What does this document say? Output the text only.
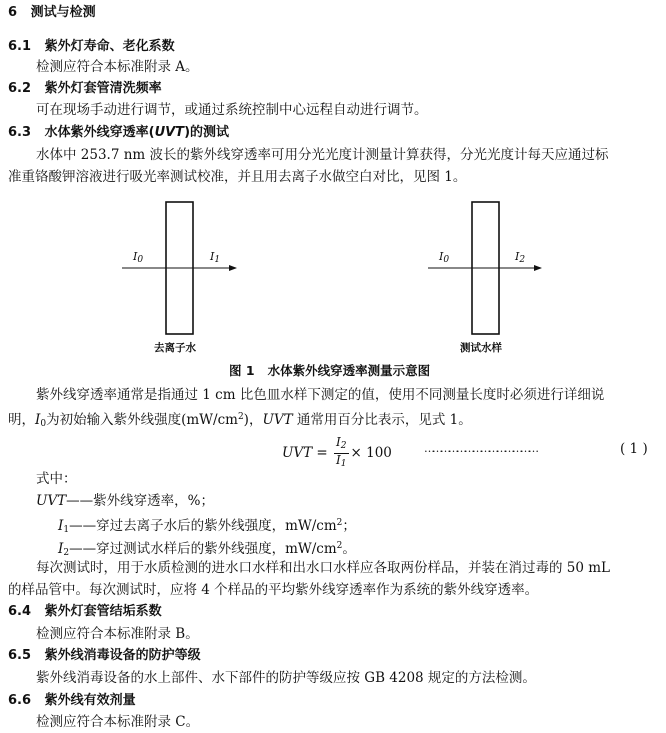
6 测试与检测
6.1 紫外灯寿命、老化系数
检测应符合本标准附录 A。
6.2 紫外灯套管清洗频率
可在现场手动进行调节，或通过系统控制中心远程自动进行调节。
6.3 水体紫外线穿透率(UVT)的测试
水体中 253.7 nm 波长的紫外线穿透率可用分光光度计测量计算获得，分光光度计每天应通过标
准重铬酸钾溶液进行吸光率测试校准，并且用去离子水做空白对比，见图 1。
$I_0$	$I_1$	$I_0$	$I_2$
去离子水	测试水样
图 1 水体紫外线穿透率测量示意图
紫外线穿透率通常是指通过 1 cm 比色皿水样下测定的值，使用不同测量长度时必须进行详细说
明，$I_0$为初始输入紫外线强度$(mW/cm^2)$，UVT 通常用百分比表示，见式 1。
UVT = $\frac{I_2}{I_1} \times 100$	……………………………………	( 1 )
式中：
UVT——紫外线穿透率，%；
$I_1——$穿过去离子水后的紫外线强度，$mW/cm^2$；
$I_2——$穿过测试水样后的紫外线强度，$mW/cm^2$。
每次测试时，用于水质检测的进水口水样和出水口水样应各取两份样品，并装在消过毒的 50 mL
的样品管中。每次测试时，应将 4 个样品的平均紫外线穿透率作为系统的紫外线穿透率。
6.4 紫外灯套管结垢系数
检测应符合本标准附录 B。
6.5 紫外线消毒设备的防护等级
紫外线消毒设备的水上部件、水下部件的防护等级应按 GB 4208 规定的方法检测。
6.6 紫外线有效剂量
检测应符合本标准附录 C。
